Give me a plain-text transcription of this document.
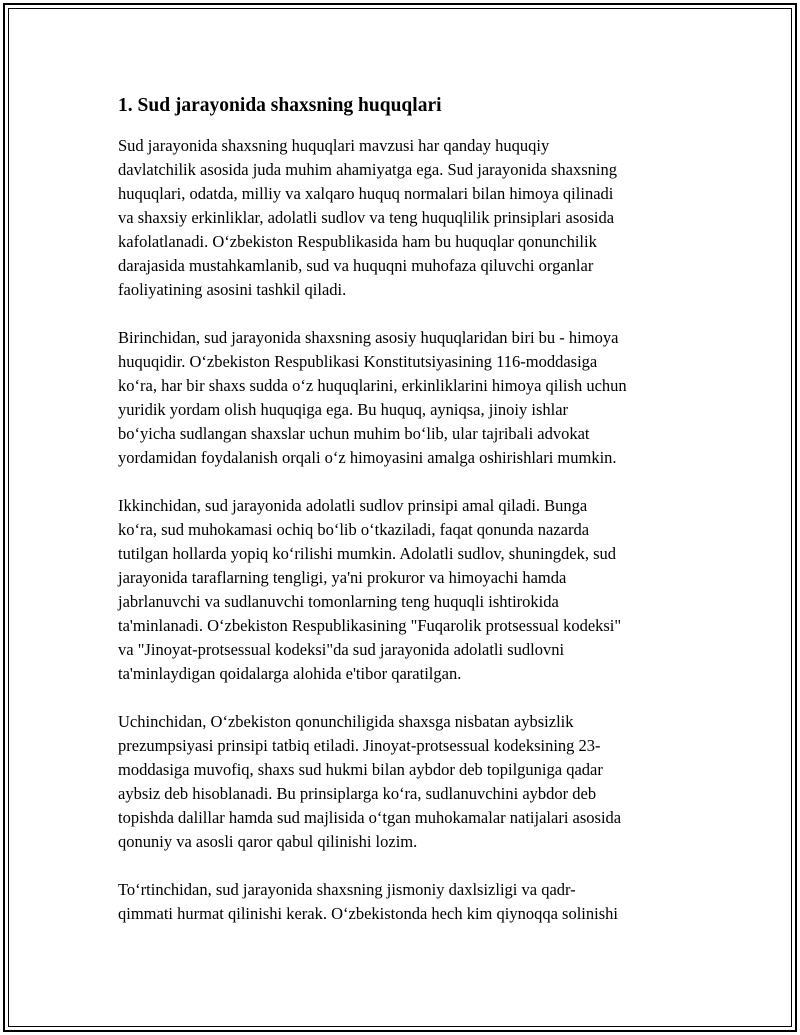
1. Sud jarayonida shaxsning huquqlari

Sud jarayonida shaxsning huquqlari mavzusi har qanday huquqiy
davlatchilik asosida juda muhim ahamiyatga ega. Sud jarayonida shaxsning
huquqlari, odatda, milliy va xalqaro huquq normalari bilan himoya qilinadi
va shaxsiy erkinliklar, adolatli sudlov va teng huquqlilik prinsiplari asosida
kafolatlanadi. O‘zbekiston Respublikasida ham bu huquqlar qonunchilik
darajasida mustahkamlanib, sud va huquqni muhofaza qiluvchi organlar
faoliyatining asosini tashkil qiladi.

Birinchidan, sud jarayonida shaxsning asosiy huquqlaridan biri bu - himoya
huquqidir. O‘zbekiston Respublikasi Konstitutsiyasining 116-moddasiga
ko‘ra, har bir shaxs sudda o‘z huquqlarini, erkinliklarini himoya qilish uchun
yuridik yordam olish huquqiga ega. Bu huquq, ayniqsa, jinoiy ishlar
bo‘yicha sudlangan shaxslar uchun muhim bo‘lib, ular tajribali advokat
yordamidan foydalanish orqali o‘z himoyasini amalga oshirishlari mumkin.

Ikkinchidan, sud jarayonida adolatli sudlov prinsipi amal qiladi. Bunga
ko‘ra, sud muhokamasi ochiq bo‘lib o‘tkaziladi, faqat qonunda nazarda
tutilgan hollarda yopiq ko‘rilishi mumkin. Adolatli sudlov, shuningdek, sud
jarayonida taraflarning tengligi, ya'ni prokuror va himoyachi hamda
jabrlanuvchi va sudlanuvchi tomonlarning teng huquqli ishtirokida
ta'minlanadi. O‘zbekiston Respublikasining "Fuqarolik protsessual kodeksi"
va "Jinoyat-protsessual kodeksi"da sud jarayonida adolatli sudlovni
ta'minlaydigan qoidalarga alohida e'tibor qaratilgan.

Uchinchidan, O‘zbekiston qonunchiligida shaxsga nisbatan aybsizlik
prezumpsiyasi prinsipi tatbiq etiladi. Jinoyat-protsessual kodeksining 23-
moddasiga muvofiq, shaxs sud hukmi bilan aybdor deb topilguniga qadar
aybsiz deb hisoblanadi. Bu prinsiplarga ko‘ra, sudlanuvchini aybdor deb
topishda dalillar hamda sud majlisida o‘tgan muhokamalar natijalari asosida
qonuniy va asosli qaror qabul qilinishi lozim.

To‘rtinchidan, sud jarayonida shaxsning jismoniy daxlsizligi va qadr-
qimmati hurmat qilinishi kerak. O‘zbekistonda hech kim qiynoqqa solinishi
